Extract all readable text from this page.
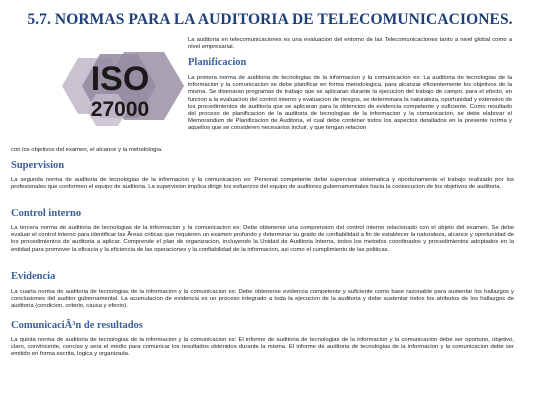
5.7. NORMAS PARA LA AUDITORIA DE TELECOMUNICACIONES.
ISO
27000

La auditoria en telecomunicaciones es una evaluacion del entorno de las Telecomunicaciones tanto a nivel global como a nivel empresarial.

Planificacion

La primera norma de auditoria de tecnologias de la informacion y la comunicacion es: La auditoria de tecnologias de la informacion y la comunicacion se debe planificar en forma metodologica, para alcanzar eficientemente los objetivos de la misma. Se disenaran programas de trabajo que se aplicaran durante la ejecucion del trabajo de campo, para el efecto, en funcion a la evaluacion del control interno y evaluacion de riesgos, se determinara la naturaleza, oportunidad y extension de los procedimientos de auditoria que se aplicaran para la obtencion de evidencia competente y suficiente. Como resultado del proceso de planificacion de la auditoria de tecnologias de la informacion y la comunicacion, se debe elaborar el Memorandum de Planificacion de Auditoria, el cual debe contener todos los aspectos detallados en la presente norma y aquellos que se consideren necesarios incluir, y que tengan relacion

con los objetivos del examen, el alcance y la metodologia.

Supervision

La segunda norma de auditoria de tecnologias de la informacion y la comunicacion es: Personal competente debe supervisar sistematica y oportunamente el trabajo realizado por los profesionales que conformen el equipo de auditoria. La supervision implica dirigir los esfuerzos del equipo de auditores gubernamentales hacia la consecucion de los objetivos de auditoria.

Control interno

La tercera norma de auditoria de tecnologias de la informacion y la comunicacion es: Debe obtenerse una comprension del control interno relacionado con el objeto del examen. Se debe evaluar el control interno para identificar las Ãreas criticas que requieren un examen profundo y determinar su grado de confiabilidad a fin de establecer la naturaleza, alcance y oportunidad de los procedimientos de auditoria a aplicar. Comprende el plan de organizacion, incluyendo la Unidad de Auditoria Interna, todos los metodos coordinados y procedimientos adoptados en la entidad para promover la eficacia y la eficiencia de las operaciones y la confiabilidad de la informacion, asi como el cumplimiento de las politicas.

Evidencia

La cuarta norma de auditoria de tecnologias de la informacion y la comunicacion es: Debe obtenerse evidencia competente y suficiente como base razonable para sustentar los hallazgos y conclusiones del auditor gubernamental. La acumulacion de evidencia es un proceso integrado a toda la ejecucion de la auditoria y debe sustentar todos los atributos de los hallazgos de auditoria (condicion, criterio, causa y efecto).

ComunicaciÃ³n de resultados

La quinta norma de auditoria de tecnologias de la informacion y la comunicacion es: El informe de auditoria de tecnologias de la informacion y la comunicacion debe ser oportuno, objetivo, claro, convincente, conciso y sera el medio para comunicar los resultados obtenidos durante la misma. El informe de auditoria de tecnologias de la informacion y la comunicacion debe ser emitido en forma escrita, logica y organizada.
